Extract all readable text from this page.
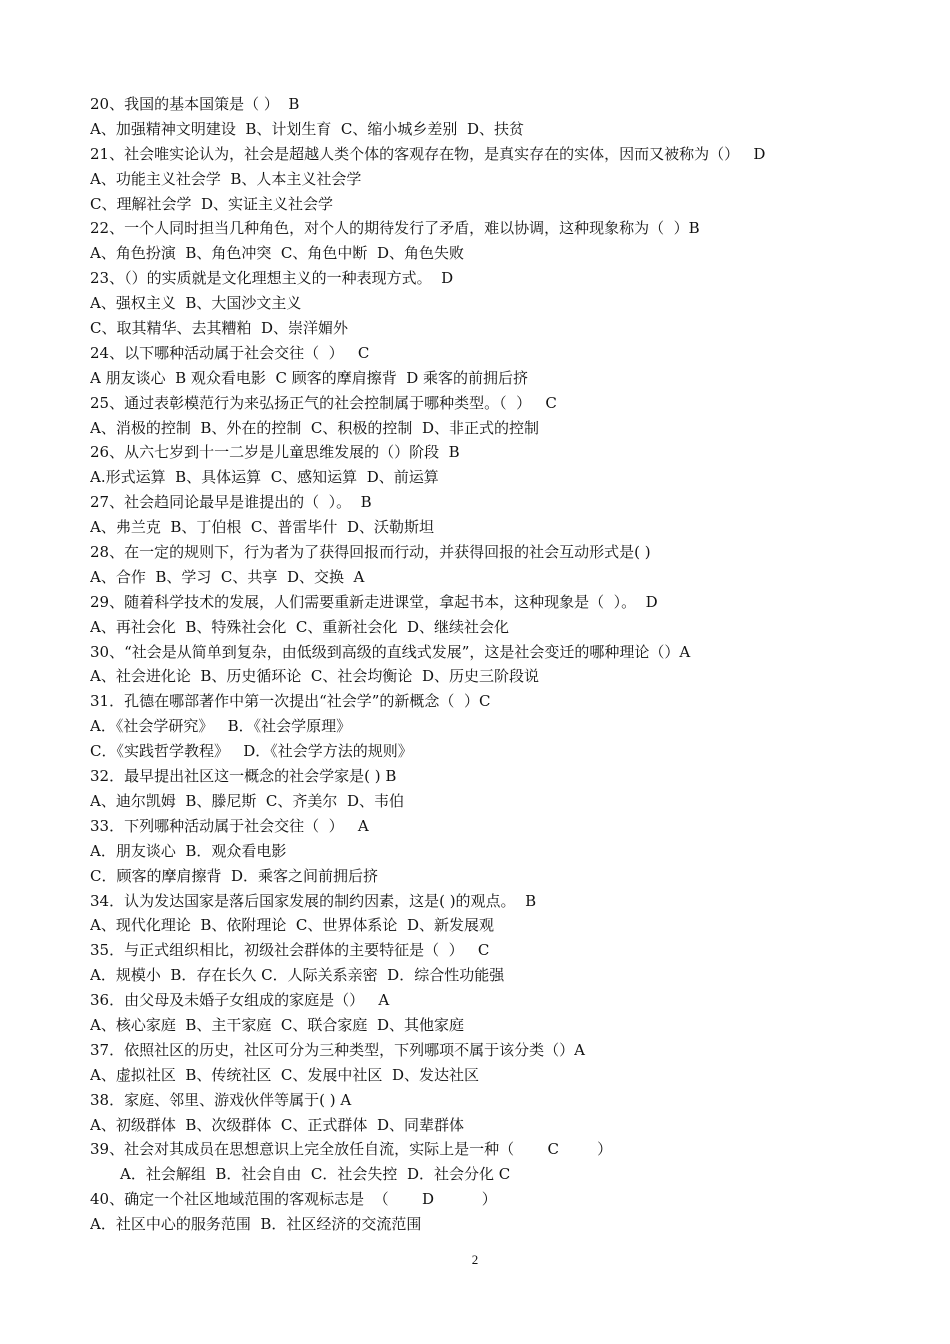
20、我国的基本国策是（ ）  B
A、加强精神文明建设  B、计划生育  C、缩小城乡差别  D、扶贫
21、社会唯实论认为，社会是超越人类个体的客观存在物，是真实存在的实体，因而又被称为（）   D
A、功能主义社会学  B、人本主义社会学
C、理解社会学  D、实证主义社会学
22、一个人同时担当几种角色，对个人的期待发行了矛盾，难以协调，这种现象称为（  ）B
A、角色扮演  B、角色冲突  C、角色中断  D、角色失败
23、（）的实质就是文化理想主义的一种表现方式。  D
A、强权主义  B、大国沙文主义
C、取其精华、去其糟粕  D、崇洋媚外
24、以下哪种活动属于社会交往（  ）   C
A 朋友谈心  B 观众看电影  C 顾客的摩肩擦背  D 乘客的前拥后挤
25、通过表彰模范行为来弘扬正气的社会控制属于哪种类型。（  ）   C
A、消极的控制  B、外在的控制  C、积极的控制  D、非正式的控制
26、从六七岁到十一二岁是儿童思维发展的（）阶段  B
A.形式运算  B、具体运算  C、感知运算  D、前运算
27、社会趋同论最早是谁提出的（  ）。  B
A、弗兰克  B、丁伯根  C、普雷毕什  D、沃勒斯坦
28、在一定的规则下，行为者为了获得回报而行动，并获得回报的社会互动形式是( )
A、合作  B、学习  C、共享  D、交换  A
29、随着科学技术的发展，人们需要重新走进课堂，拿起书本，这种现象是（  ）。  D
A、再社会化  B、特殊社会化  C、重新社会化  D、继续社会化
30、“社会是从简单到复杂，由低级到高级的直线式发展”，这是社会变迁的哪种理论（）A
A、社会进化论  B、历史循环论  C、社会均衡论  D、历史三阶段说
31．孔德在哪部著作中第一次提出“社会学”的新概念（  ）C
A．《社会学研究》   B．《社会学原理》
C．《实践哲学教程》   D．《社会学方法的规则》
32．最早提出社区这一概念的社会学家是( ) B
A、迪尔凯姆  B、滕尼斯  C、齐美尔  D、韦伯
33．下列哪种活动属于社会交往（  ）   A
A．朋友谈心  B．观众看电影
C．顾客的摩肩擦背  D．乘客之间前拥后挤
34．认为发达国家是落后国家发展的制约因素，这是( )的观点。  B
A、现代化理论  B、依附理论  C、世界体系论  D、新发展观
35．与正式组织相比，初级社会群体的主要特征是（  ）   C
A．规模小  B．存在长久 C．人际关系亲密  D．综合性功能强
36．由父母及未婚子女组成的家庭是（）   A
A、核心家庭  B、主干家庭  C、联合家庭  D、其他家庭
37．依照社区的历史，社区可分为三种类型，下列哪项不属于该分类（）A
A、虚拟社区  B、传统社区  C、发展中社区  D、发达社区
38．家庭、邻里、游戏伙伴等属于( ) A
A、初级群体  B、次级群体  C、正式群体  D、同辈群体
39、社会对其成员在思想意识上完全放任自流，实际上是一种（       C        ）
A．社会解组  B．社会自由  C．社会失控  D．社会分化 C
40、确定一个社区地域范围的客观标志是  （       D          ）
A．社区中心的服务范围  B．社区经济的交流范围
2
